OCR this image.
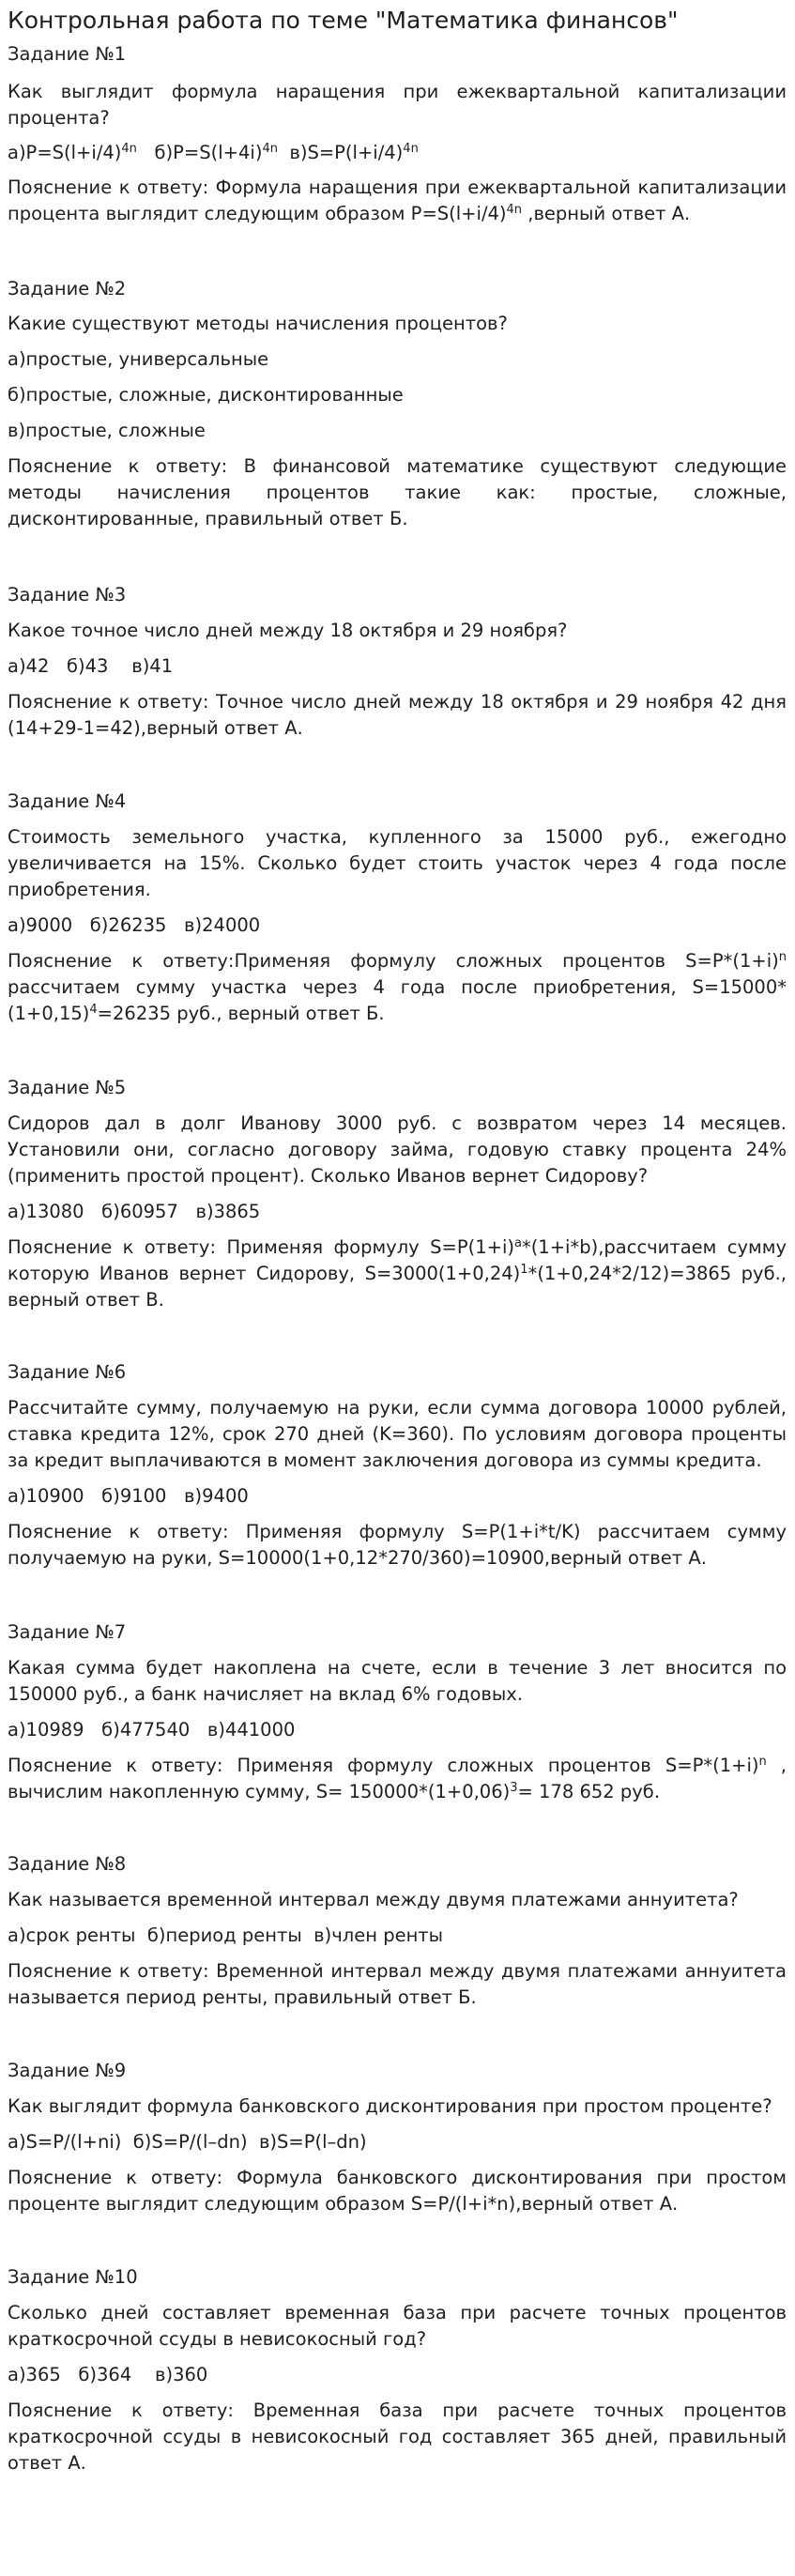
Контрольная работа по теме "Математика финансов"

Задание №1

Как выглядит формула наращения при ежеквартальной капитализации процента?

$а)P=S(l+i/4)^{4n}$   $б)P=S(l+4i)^{4n}$  $в)S=P(l+i/4)^{4n}$

Пояснение к ответу: Формула наращения при ежеквартальной капитализации процента выглядит следующим образом $P=S(l+i/4)^{4n}$ ,верный ответ А.

Задание №2

Какие существуют методы начисления процентов?

а)простые, универсальные

б)простые, сложные, дисконтированные

в)простые, сложные

Пояснение к ответу: В финансовой математике существуют следующие методы начисления процентов такие как: простые, сложные, дисконтированные, правильный ответ Б.

Задание №3

Какое точное число дней между 18 октября и 29 ноября?

а)42   б)43    в)41

Пояснение к ответу: Точное число дней между 18 октября и 29 ноября 42 дня (14+29-1=42),верный ответ А.

Задание №4

Стоимость земельного участка, купленного за 15000 руб., ежегодно увеличивается на 15%. Сколько будет стоить участок через 4 года после приобретения.

а)9000   б)26235   в)24000

Пояснение к ответу:Применяя формулу сложных процентов $S=P*(1+i)^n$ рассчитаем сумму участка через 4 года после приобретения, $S=15000*(1+0,15)^4=26235$ руб., верный ответ Б.

Задание №5

Сидоров дал в долг Иванову 3000 руб. с возвратом через 14 месяцев. Установили они, согласно договору займа, годовую ставку процента 24% (применить простой процент). Сколько Иванов вернет Сидорову?

а)13080   б)60957   в)3865

Пояснение к ответу: Применяя формулу $S=P(1+i)^a*(1+i*b),рассчитаем$ сумму которую Иванов вернет Сидорову, $S=3000(1+0,24)^1*(1+0,24*2/12)=3865$ руб., верный ответ В.

Задание №6

Рассчитайте сумму, получаемую на руки, если сумма договора 10000 рублей, ставка кредита 12%, срок 270 дней (K=360). По условиям договора проценты за кредит выплачиваются в момент заключения договора из суммы кредита.

а)10900   б)9100   в)9400

Пояснение к ответу: Применяя формулу S=P(1+i*t/K) рассчитаем сумму получаемую на руки, S=10000(1+0,12*270/360)=10900,верный ответ А.

Задание №7

Какая сумма будет накоплена на счете, если в течение 3 лет вносится по 150000 руб., а банк начисляет на вклад 6% годовых.

а)10989   б)477540   в)441000

Пояснение к ответу: Применяя формулу сложных процентов $S=P*(1+i)^n$ , вычислим накопленную сумму, $S= 150000*(1+0,06)^3= 178$ 652 руб.

Задание №8

Как называется временной интервал между двумя платежами аннуитета?

а)срок ренты  б)период ренты  в)член ренты

Пояснение к ответу: Временной интервал между двумя платежами аннуитета называется период ренты, правильный ответ Б.

Задание №9

Как выглядит формула банковского дисконтирования при простом проценте?

а)S=P/(l+ni)  б)S=P/(l–dn)  в)S=P(l–dn)

Пояснение к ответу: Формула банковского дисконтирования при простом проценте выглядит следующим образом S=P/(l+i*n),верный ответ А.

Задание №10

Сколько дней составляет временная база при расчете точных процентов краткосрочной ссуды в невисокосный год?

а)365   б)364    в)360

Пояснение к ответу: Временная база при расчете точных процентов краткосрочной ссуды в невисокосный год составляет 365 дней, правильный ответ А.
